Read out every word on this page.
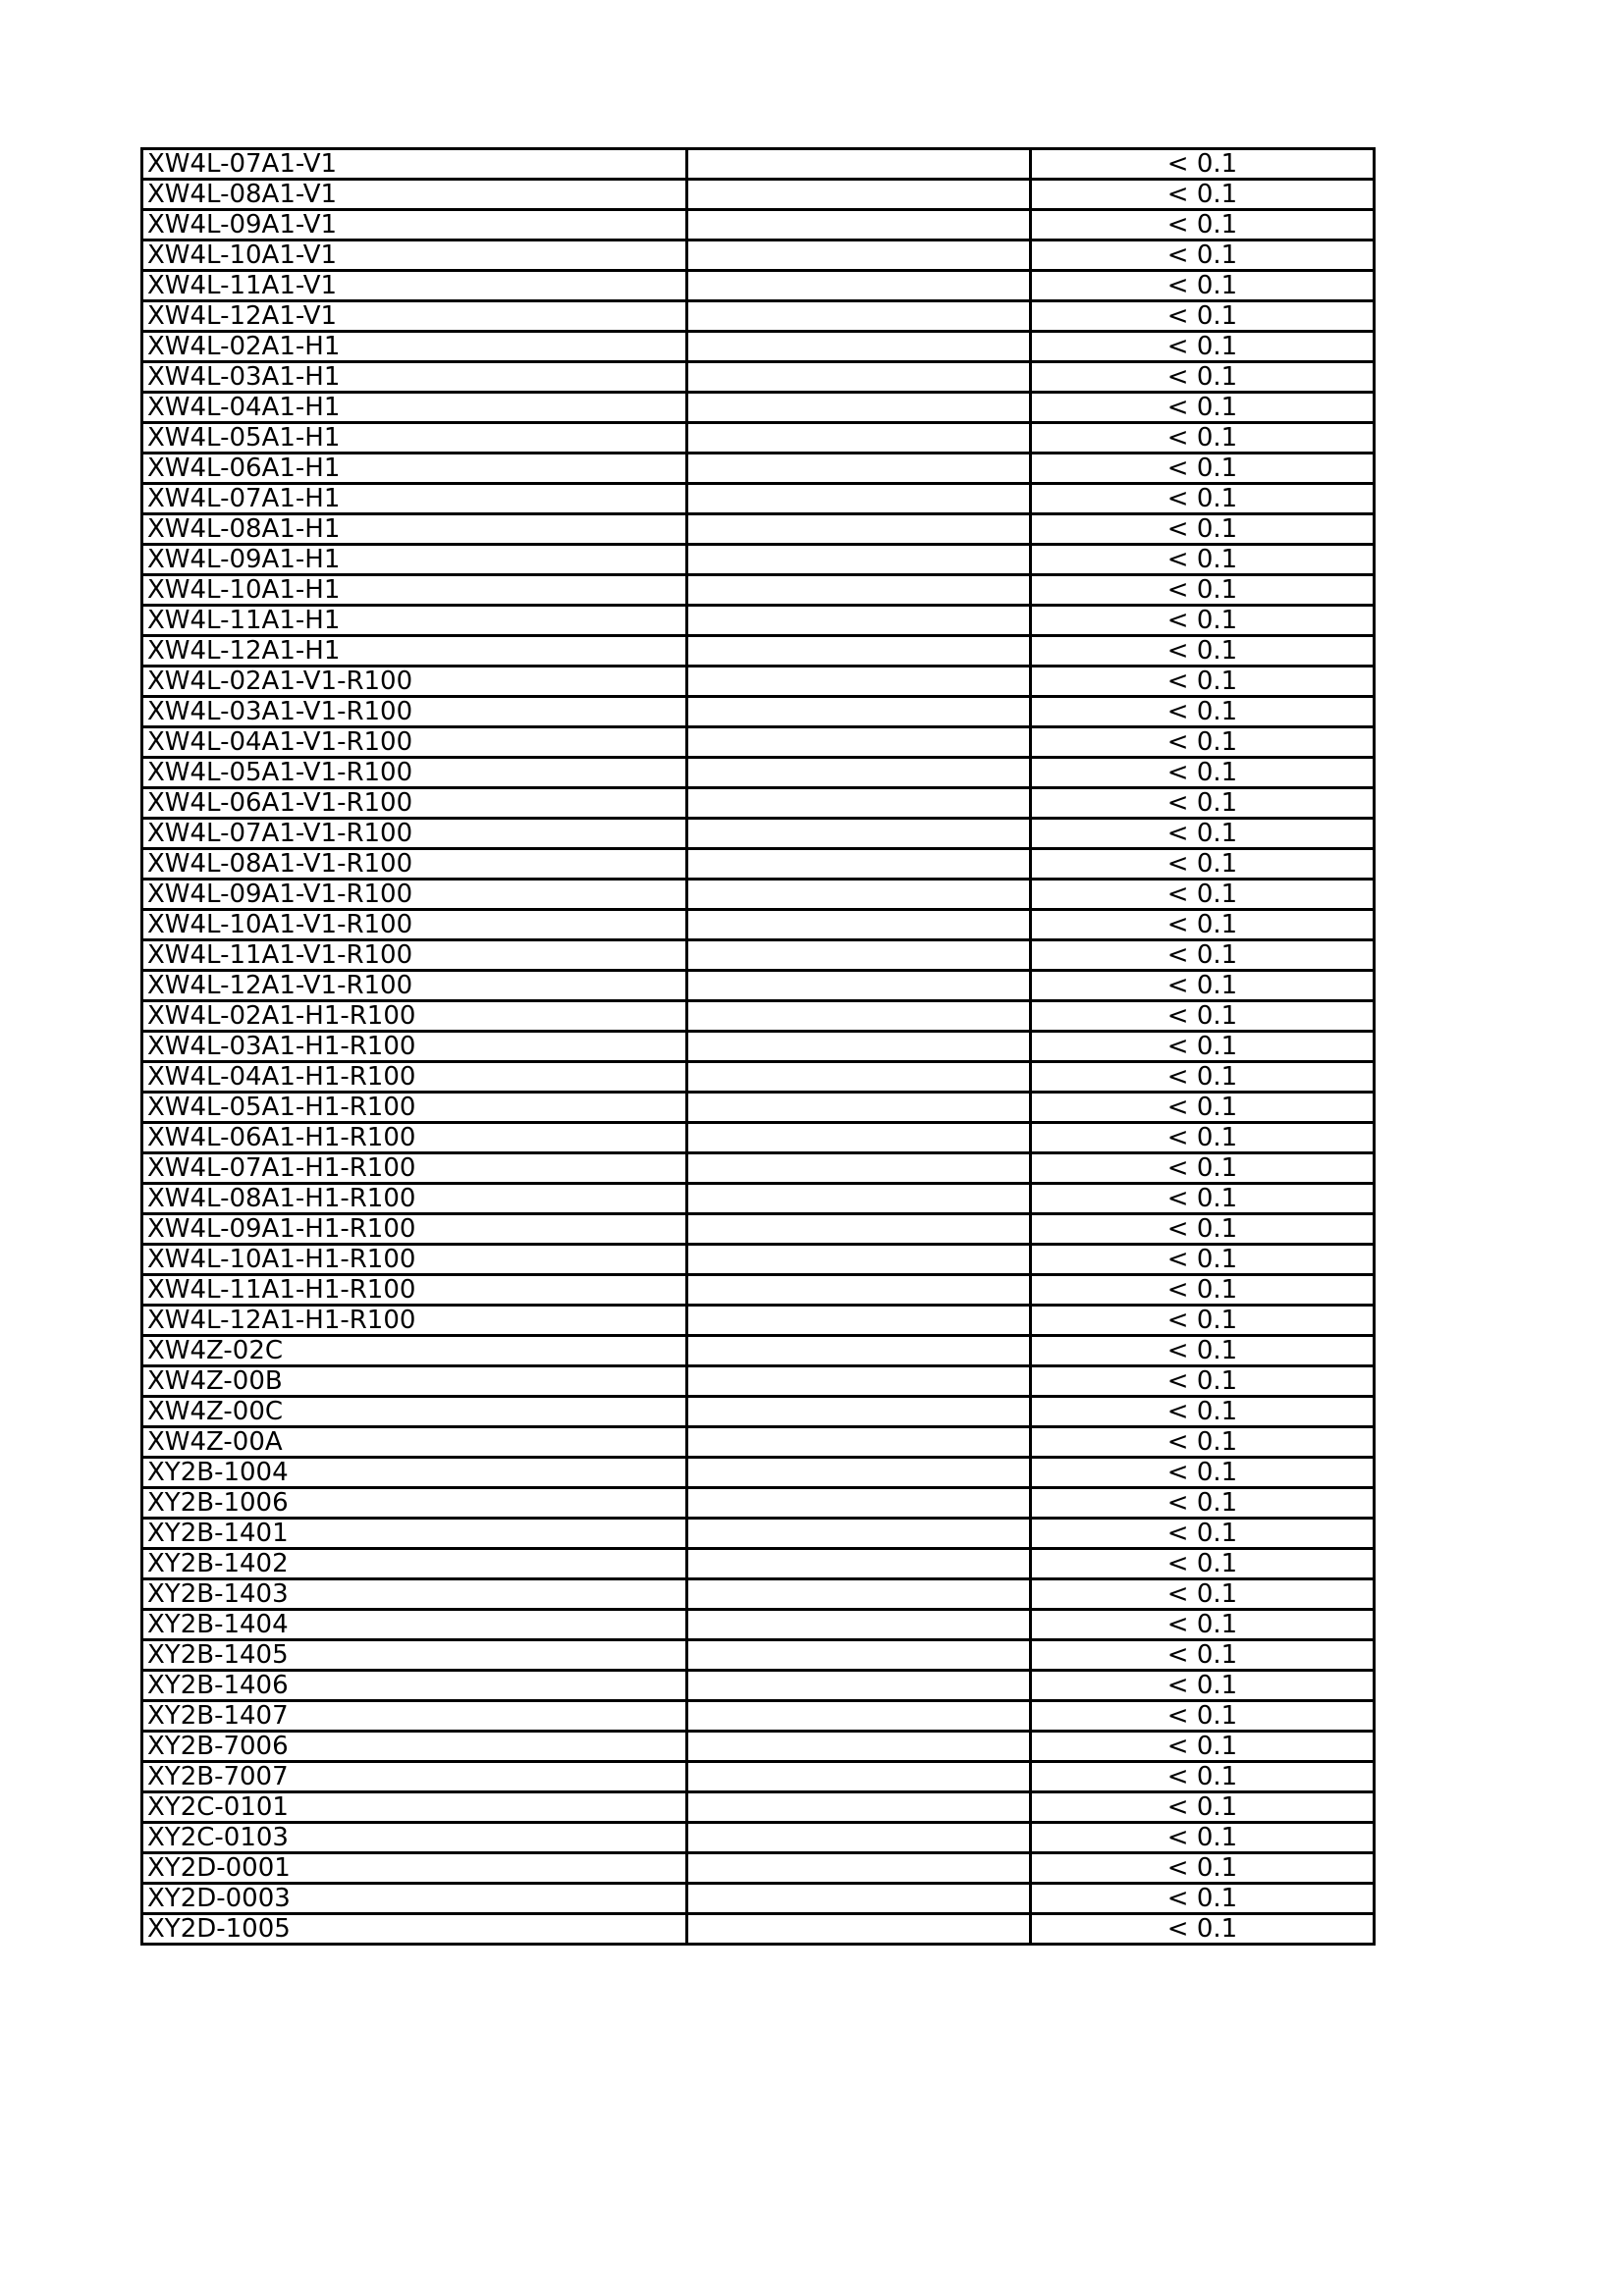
XW4L-07A1-V1		< 0.1
XW4L-08A1-V1		< 0.1
XW4L-09A1-V1		< 0.1
XW4L-10A1-V1		< 0.1
XW4L-11A1-V1		< 0.1
XW4L-12A1-V1		< 0.1
XW4L-02A1-H1		< 0.1
XW4L-03A1-H1		< 0.1
XW4L-04A1-H1		< 0.1
XW4L-05A1-H1		< 0.1
XW4L-06A1-H1		< 0.1
XW4L-07A1-H1		< 0.1
XW4L-08A1-H1		< 0.1
XW4L-09A1-H1		< 0.1
XW4L-10A1-H1		< 0.1
XW4L-11A1-H1		< 0.1
XW4L-12A1-H1		< 0.1
XW4L-02A1-V1-R100		< 0.1
XW4L-03A1-V1-R100		< 0.1
XW4L-04A1-V1-R100		< 0.1
XW4L-05A1-V1-R100		< 0.1
XW4L-06A1-V1-R100		< 0.1
XW4L-07A1-V1-R100		< 0.1
XW4L-08A1-V1-R100		< 0.1
XW4L-09A1-V1-R100		< 0.1
XW4L-10A1-V1-R100		< 0.1
XW4L-11A1-V1-R100		< 0.1
XW4L-12A1-V1-R100		< 0.1
XW4L-02A1-H1-R100		< 0.1
XW4L-03A1-H1-R100		< 0.1
XW4L-04A1-H1-R100		< 0.1
XW4L-05A1-H1-R100		< 0.1
XW4L-06A1-H1-R100		< 0.1
XW4L-07A1-H1-R100		< 0.1
XW4L-08A1-H1-R100		< 0.1
XW4L-09A1-H1-R100		< 0.1
XW4L-10A1-H1-R100		< 0.1
XW4L-11A1-H1-R100		< 0.1
XW4L-12A1-H1-R100		< 0.1
XW4Z-02C		< 0.1
XW4Z-00B		< 0.1
XW4Z-00C		< 0.1
XW4Z-00A		< 0.1
XY2B-1004		< 0.1
XY2B-1006		< 0.1
XY2B-1401		< 0.1
XY2B-1402		< 0.1
XY2B-1403		< 0.1
XY2B-1404		< 0.1
XY2B-1405		< 0.1
XY2B-1406		< 0.1
XY2B-1407		< 0.1
XY2B-7006		< 0.1
XY2B-7007		< 0.1
XY2C-0101		< 0.1
XY2C-0103		< 0.1
XY2D-0001		< 0.1
XY2D-0003		< 0.1
XY2D-1005		< 0.1
